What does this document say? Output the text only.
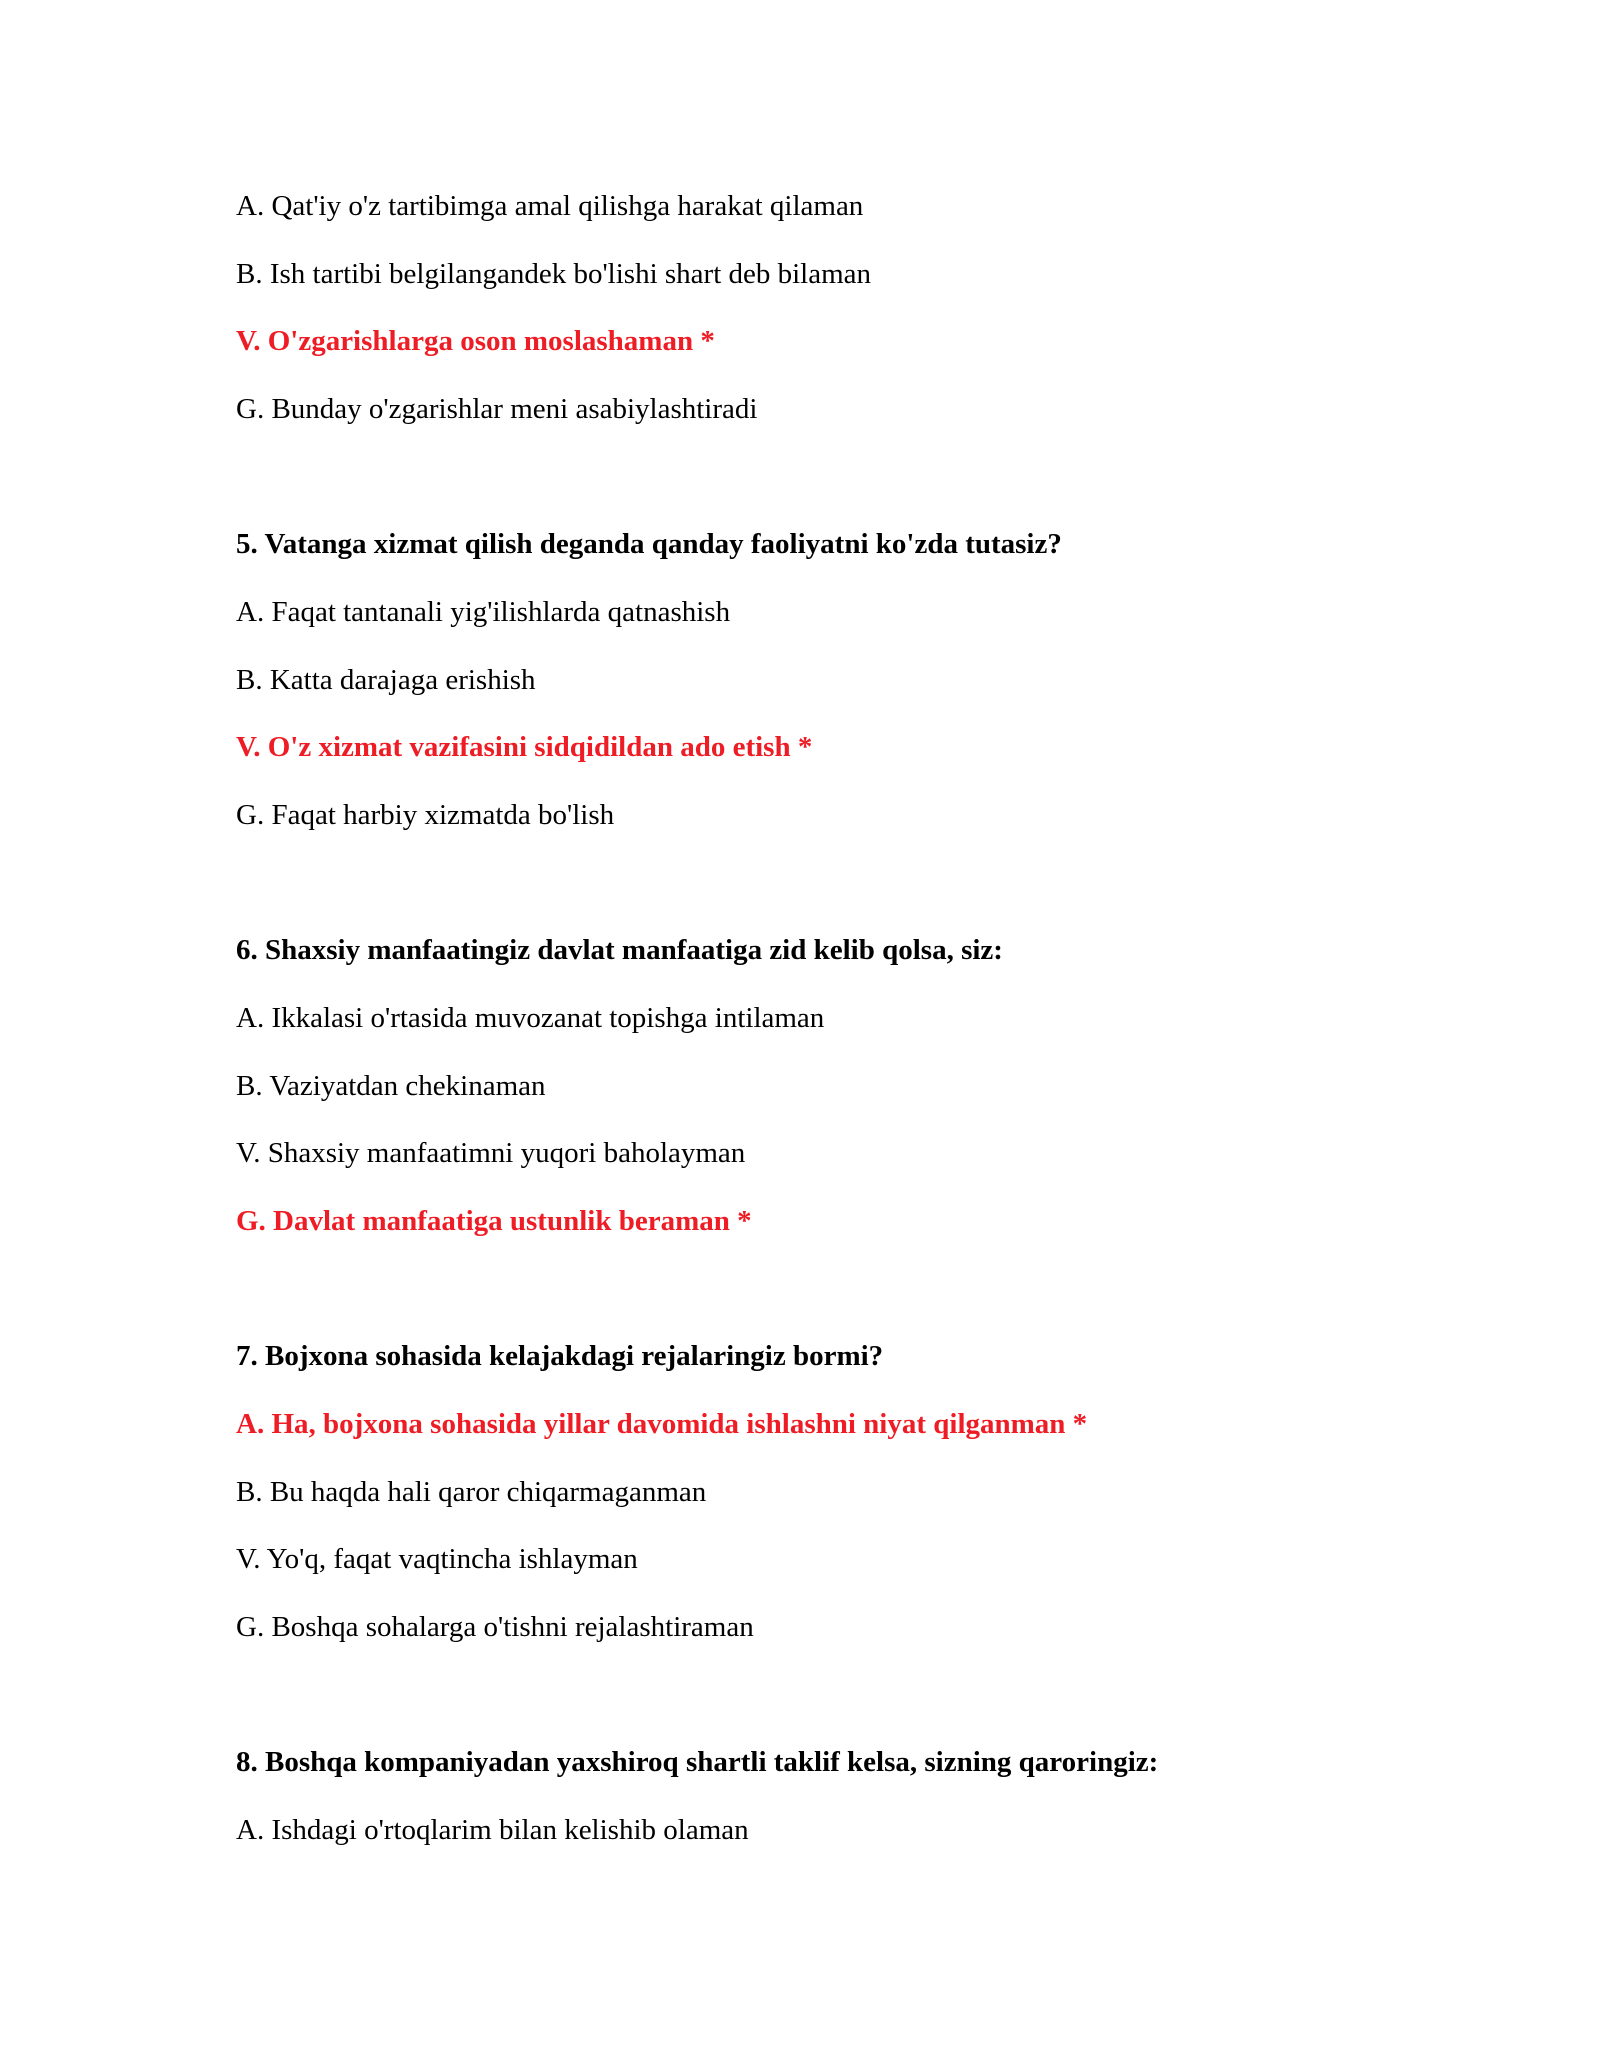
A. Qat'iy o'z tartibimga amal qilishga harakat qilaman
B. Ish tartibi belgilangandek bo'lishi shart deb bilaman
V. O'zgarishlarga oson moslashaman *
G. Bunday o'zgarishlar meni asabiylashtiradi
5. Vatanga xizmat qilish deganda qanday faoliyatni ko'zda tutasiz?
A. Faqat tantanali yig'ilishlarda qatnashish
B. Katta darajaga erishish
V. O'z xizmat vazifasini sidqidildan ado etish *
G. Faqat harbiy xizmatda bo'lish
6. Shaxsiy manfaatingiz davlat manfaatiga zid kelib qolsa, siz:
A. Ikkalasi o'rtasida muvozanat topishga intilaman
B. Vaziyatdan chekinaman
V. Shaxsiy manfaatimni yuqori baholayman
G. Davlat manfaatiga ustunlik beraman *
7. Bojxona sohasida kelajakdagi rejalaringiz bormi?
A. Ha, bojxona sohasida yillar davomida ishlashni niyat qilganman *
B. Bu haqda hali qaror chiqarmaganman
V. Yo'q, faqat vaqtincha ishlayman
G. Boshqa sohalarga o'tishni rejalashtiraman
8. Boshqa kompaniyadan yaxshiroq shartli taklif kelsa, sizning qaroringiz:
A. Ishdagi o'rtoqlarim bilan kelishib olaman
